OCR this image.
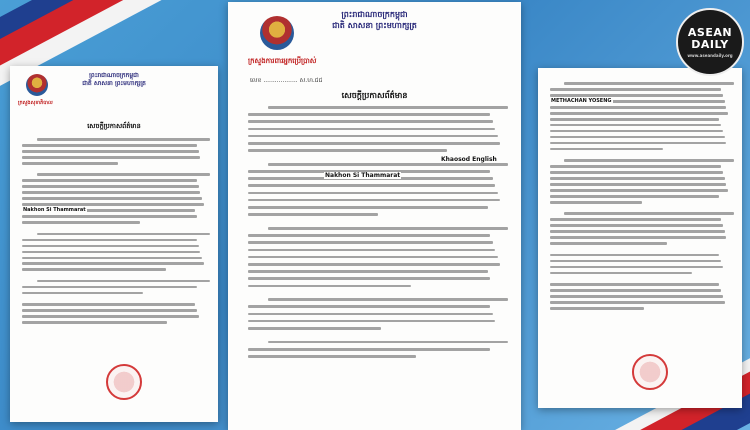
ព្រះរាជាណាចក្រកម្ពុជា
ជាតិ សាសនា ព្រះមហាក្សត្រ
ក្រសួងសុខាភិបាល
សេចក្តីប្រកាសព័ត៌មាន
Nakhon Si Thammarat
ព្រះរាជាណាចក្រកម្ពុជា
ជាតិ សាសនា ព្រះមហាក្សត្រ
ក្រសួងការពារអ្នកប្រើប្រាស់
លេខ .................. ស.ហ.ជជ
សេចក្តីប្រកាសព័ត៌មាន
Khaosod English
Nakhon Si Thammarat
METHACHAN YOSENG
ASEAN
DAILY
www.aseandaily.org
